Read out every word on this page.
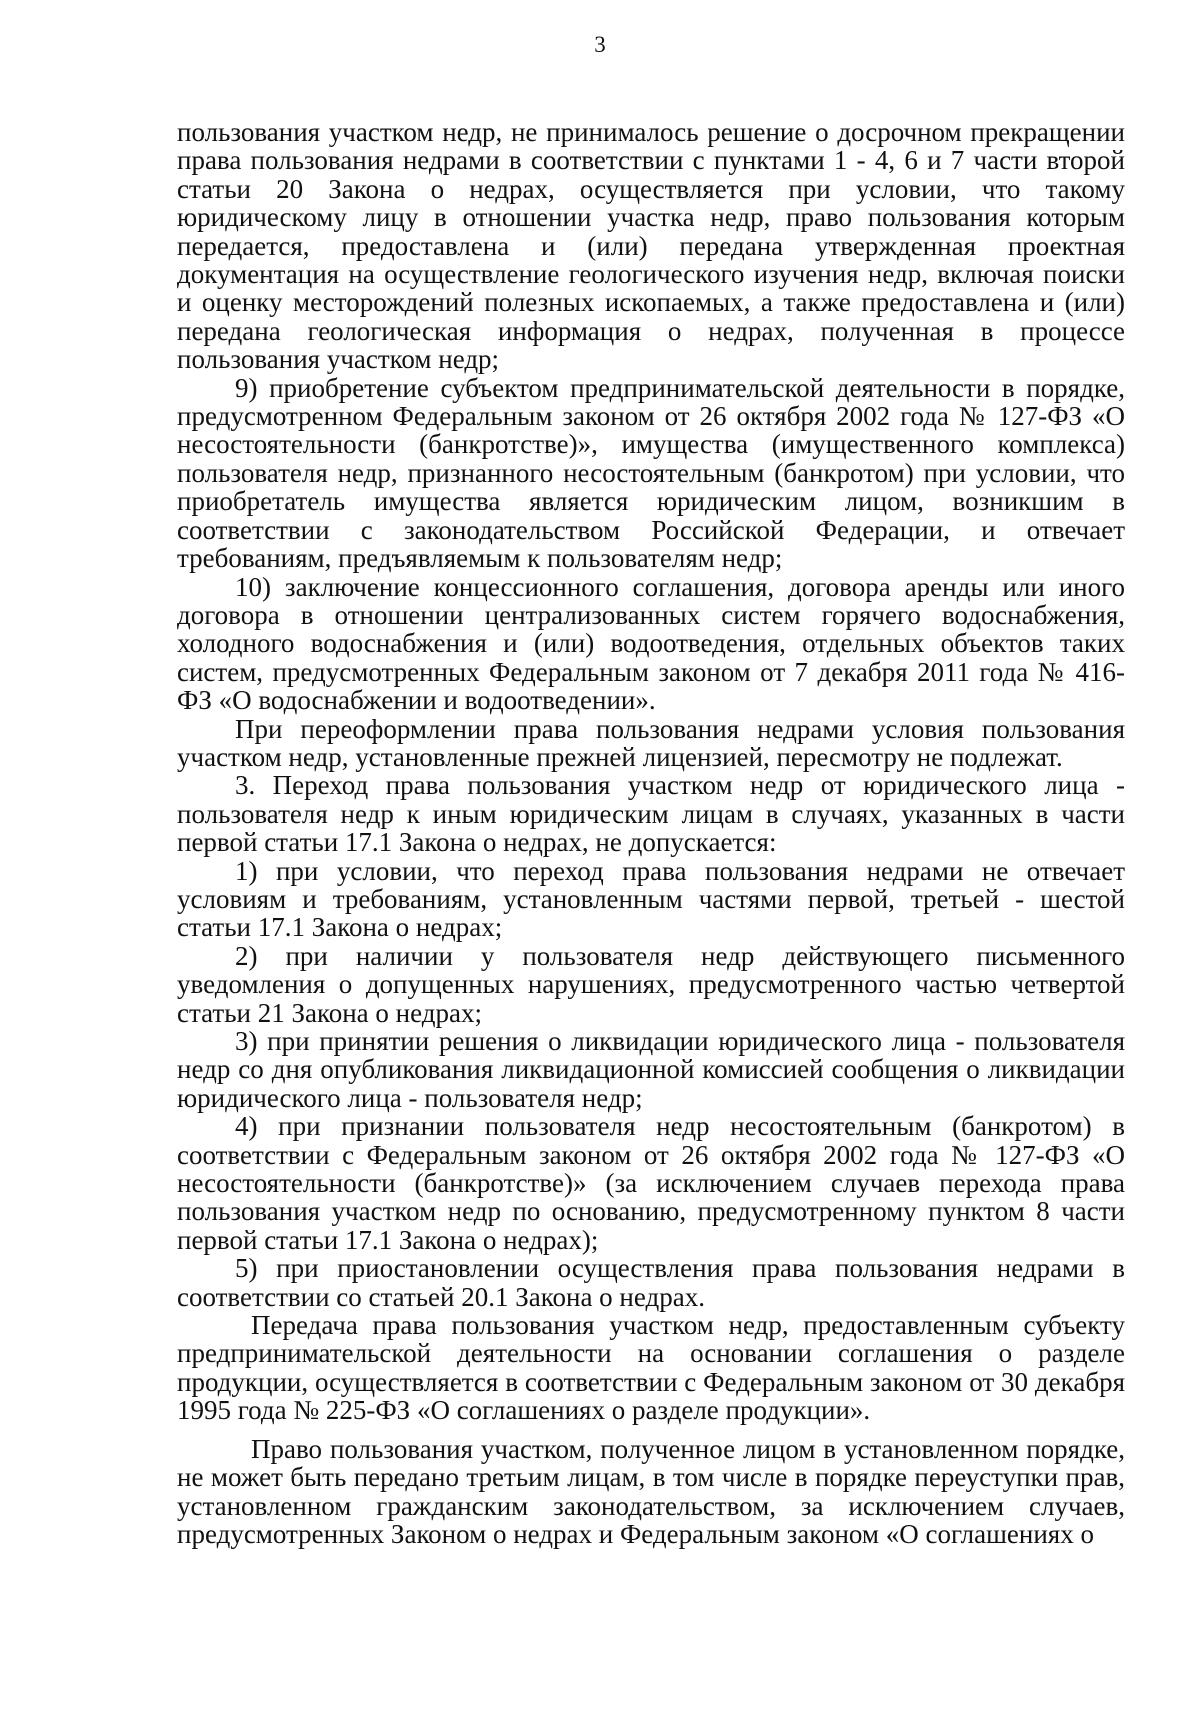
3

пользования участком недр, не принималось решение о досрочном прекращении права пользования недрами в соответствии с пунктами 1 - 4, 6 и 7 части второй статьи 20 Закона о недрах, осуществляется при условии, что такому юридическому лицу в отношении участка недр, право пользования которым передается, предоставлена и (или) передана утвержденная проектная документация на осуществление геологического изучения недр, включая поиски и оценку месторождений полезных ископаемых, а также предоставлена и (или) передана геологическая информация о недрах, полученная в процессе пользования участком недр;

9) приобретение субъектом предпринимательской деятельности в порядке, предусмотренном Федеральным законом от 26 октября 2002 года № 127-ФЗ «О несостоятельности (банкротстве)», имущества (имущественного комплекса) пользователя недр, признанного несостоятельным (банкротом) при условии, что приобретатель имущества является юридическим лицом, возникшим в соответствии с законодательством Российской Федерации, и отвечает требованиям, предъявляемым к пользователям недр;

10) заключение концессионного соглашения, договора аренды или иного договора в отношении централизованных систем горячего водоснабжения, холодного водоснабжения и (или) водоотведения, отдельных объектов таких систем, предусмотренных Федеральным законом от 7 декабря 2011 года № 416-ФЗ «О водоснабжении и водоотведении».

При переоформлении права пользования недрами условия пользования участком недр, установленные прежней лицензией, пересмотру не подлежат.

3. Переход права пользования участком недр от юридического лица - пользователя недр к иным юридическим лицам в случаях, указанных в части первой статьи 17.1 Закона о недрах, не допускается:

1) при условии, что переход права пользования недрами не отвечает условиям и требованиям, установленным частями первой, третьей - шестой статьи 17.1 Закона о недрах;

2) при наличии у пользователя недр действующего письменного уведомления о допущенных нарушениях, предусмотренного частью четвертой статьи 21 Закона о недрах;

3) при принятии решения о ликвидации юридического лица - пользователя недр со дня опубликования ликвидационной комиссией сообщения о ликвидации юридического лица - пользователя недр;

4) при признании пользователя недр несостоятельным (банкротом) в соответствии с Федеральным законом от 26 октября 2002 года № 127-ФЗ «О несостоятельности (банкротстве)» (за исключением случаев перехода права пользования участком недр по основанию, предусмотренному пунктом 8 части первой статьи 17.1 Закона о недрах);

5) при приостановлении осуществления права пользования недрами в соответствии со статьей 20.1 Закона о недрах.

Передача права пользования участком недр, предоставленным субъекту предпринимательской деятельности на основании соглашения о разделе продукции, осуществляется в соответствии с Федеральным законом от 30 декабря 1995 года № 225-ФЗ «О соглашениях о разделе продукции».

Право пользования участком, полученное лицом в установленном порядке, не может быть передано третьим лицам, в том числе в порядке переуступки прав, установленном гражданским законодательством, за исключением случаев, предусмотренных Законом о недрах и Федеральным законом «О соглашениях о
